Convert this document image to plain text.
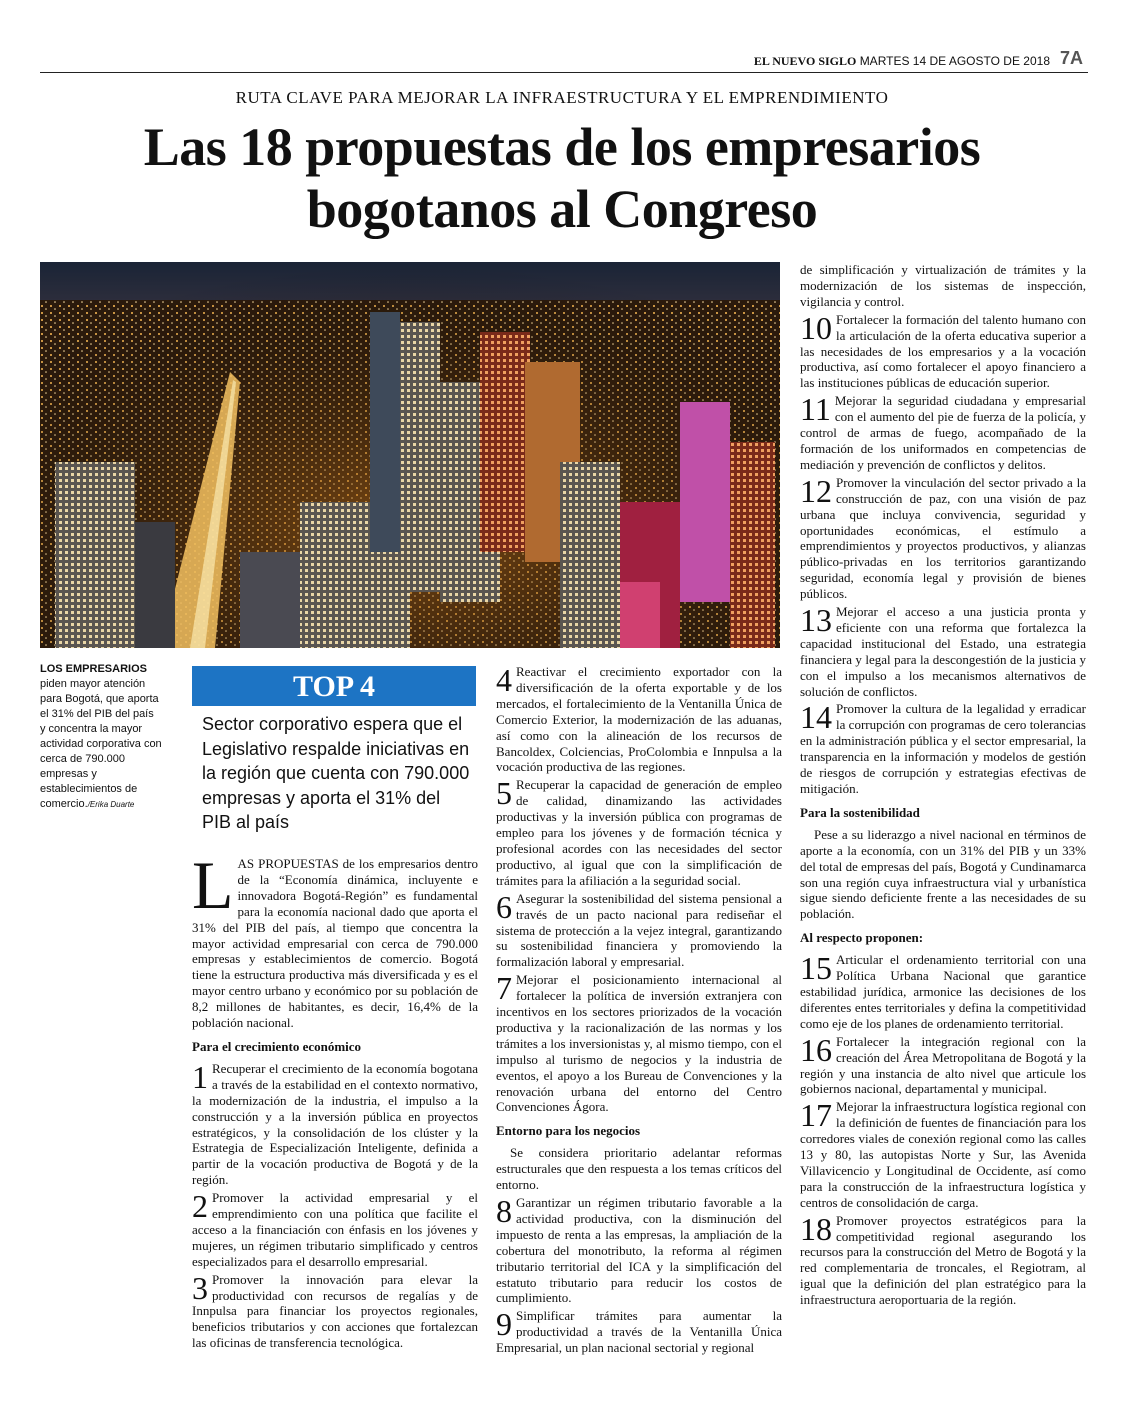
EL NUEVO SIGLO MARTES 14 DE AGOSTO DE 2018 7A
RUTA CLAVE PARA MEJORAR LA INFRAESTRUCTURA Y EL EMPRENDIMIENTO
Las 18 propuestas de los empresarios
bogotanos al Congreso
LOS EMPRESARIOS
piden mayor atención para Bogotá, que aporta el 31% del PIB del país y concentra la mayor actividad corporativa con cerca de 790.000 empresas y establecimientos de comercio./Erika Duarte
TOP 4
Sector corporativo espera que el Legislativo respalde iniciativas en la región que cuenta con 790.000 empresas y aporta el 31% del PIB al país

LAS PROPUESTAS de los empresarios dentro de la “Economía dinámica, incluyente e innovadora Bogotá-Región” es fundamental para la economía nacional dado que aporta el 31% del PIB del país, al tiempo que concentra la mayor actividad empresarial con cerca de 790.000 empresas y establecimientos de comercio. Bogotá tiene la estructura productiva más diversificada y es el mayor centro urbano y económico por su población de 8,2 millones de habitantes, es decir, 16,4% de la población nacional.

Para el crecimiento económico

1 Recuperar el crecimiento de la economía bogotana a través de la estabilidad en el contexto normativo, la modernización de la industria, el impulso a la construcción y a la inversión pública en proyectos estratégicos, y la consolidación de los clúster y la Estrategia de Especialización Inteligente, definida a partir de la vocación productiva de Bogotá y de la región.

2 Promover la actividad empresarial y el emprendimiento con una política que facilite el acceso a la financiación con énfasis en los jóvenes y mujeres, un régimen tributario simplificado y centros especializados para el desarrollo empresarial.

3 Promover la innovación para elevar la productividad con recursos de regalías y de Innpulsa para financiar los proyectos regionales, beneficios tributarios y con acciones que fortalezcan las oficinas de transferencia tecnológica.

4 Reactivar el crecimiento exportador con la diversificación de la oferta exportable y de los mercados, el fortalecimiento de la Ventanilla Única de Comercio Exterior, la modernización de las aduanas, así como con la alineación de los recursos de Bancoldex, Colciencias, ProColombia e Innpulsa a la vocación productiva de las regiones.

5 Recuperar la capacidad de generación de empleo de calidad, dinamizando las actividades productivas y la inversión pública con programas de empleo para los jóvenes y de formación técnica y profesional acordes con las necesidades del sector productivo, al igual que con la simplificación de trámites para la afiliación a la seguridad social.

6 Asegurar la sostenibilidad del sistema pensional a través de un pacto nacional para rediseñar el sistema de protección a la vejez integral, garantizando su sostenibilidad financiera y promoviendo la formalización laboral y empresarial.

7 Mejorar el posicionamiento internacional al fortalecer la política de inversión extranjera con incentivos en los sectores priorizados de la vocación productiva y la racionalización de las normas y los trámites a los inversionistas y, al mismo tiempo, con el impulso al turismo de negocios y la industria de eventos, el apoyo a los Bureau de Convenciones y la renovación urbana del entorno del Centro Convenciones Ágora.

Entorno para los negocios

Se considera prioritario adelantar reformas estructurales que den respuesta a los temas críticos del entorno.

8 Garantizar un régimen tributario favorable a la actividad productiva, con la disminución del impuesto de renta a las empresas, la ampliación de la cobertura del monotributo, la reforma al régimen tributario territorial del ICA y la simplificación del estatuto tributario para reducir los costos de cumplimiento.

9 Simplificar trámites para aumentar la productividad a través de la Ventanilla Única Empresarial, un plan nacional sectorial y regional

de simplificación y virtualización de trámites y la modernización de los sistemas de inspección, vigilancia y control.

10 Fortalecer la formación del talento humano con la articulación de la oferta educativa superior a las necesidades de los empresarios y a la vocación productiva, así como fortalecer el apoyo financiero a las instituciones públicas de educación superior.

11 Mejorar la seguridad ciudadana y empresarial con el aumento del pie de fuerza de la policía, y control de armas de fuego, acompañado de la formación de los uniformados en competencias de mediación y prevención de conflictos y delitos.

12 Promover la vinculación del sector privado a la construcción de paz, con una visión de paz urbana que incluya convivencia, seguridad y oportunidades económicas, el estímulo a emprendimientos y proyectos productivos, y alianzas público-privadas en los territorios garantizando seguridad, economía legal y provisión de bienes públicos.

13 Mejorar el acceso a una justicia pronta y eficiente con una reforma que fortalezca la capacidad institucional del Estado, una estrategia financiera y legal para la descongestión de la justicia y con el impulso a los mecanismos alternativos de solución de conflictos.

14 Promover la cultura de la legalidad y erradicar la corrupción con programas de cero tolerancias en la administración pública y el sector empresarial, la transparencia en la información y modelos de gestión de riesgos de corrupción y estrategias efectivas de mitigación.

Para la sostenibilidad

Pese a su liderazgo a nivel nacional en términos de aporte a la economía, con un 31% del PIB y un 33% del total de empresas del país, Bogotá y Cundinamarca son una región cuya infraestructura vial y urbanística sigue siendo deficiente frente a las necesidades de su población.

Al respecto proponen:

15 Articular el ordenamiento territorial con una Política Urbana Nacional que garantice estabilidad jurídica, armonice las decisiones de los diferentes entes territoriales y defina la competitividad como eje de los planes de ordenamiento territorial.

16 Fortalecer la integración regional con la creación del Área Metropolitana de Bogotá y la región y una instancia de alto nivel que articule los gobiernos nacional, departamental y municipal.

17 Mejorar la infraestructura logística regional con la definición de fuentes de financiación para los corredores viales de conexión regional como las calles 13 y 80, las autopistas Norte y Sur, las Avenida Villavicencio y Longitudinal de Occidente, así como para la construcción de la infraestructura logística y centros de consolidación de carga.

18 Promover proyectos estratégicos para la competitividad regional asegurando los recursos para la construcción del Metro de Bogotá y la red complementaria de troncales, el Regiotram, al igual que la definición del plan estratégico para la infraestructura aeroportuaria de la región.
